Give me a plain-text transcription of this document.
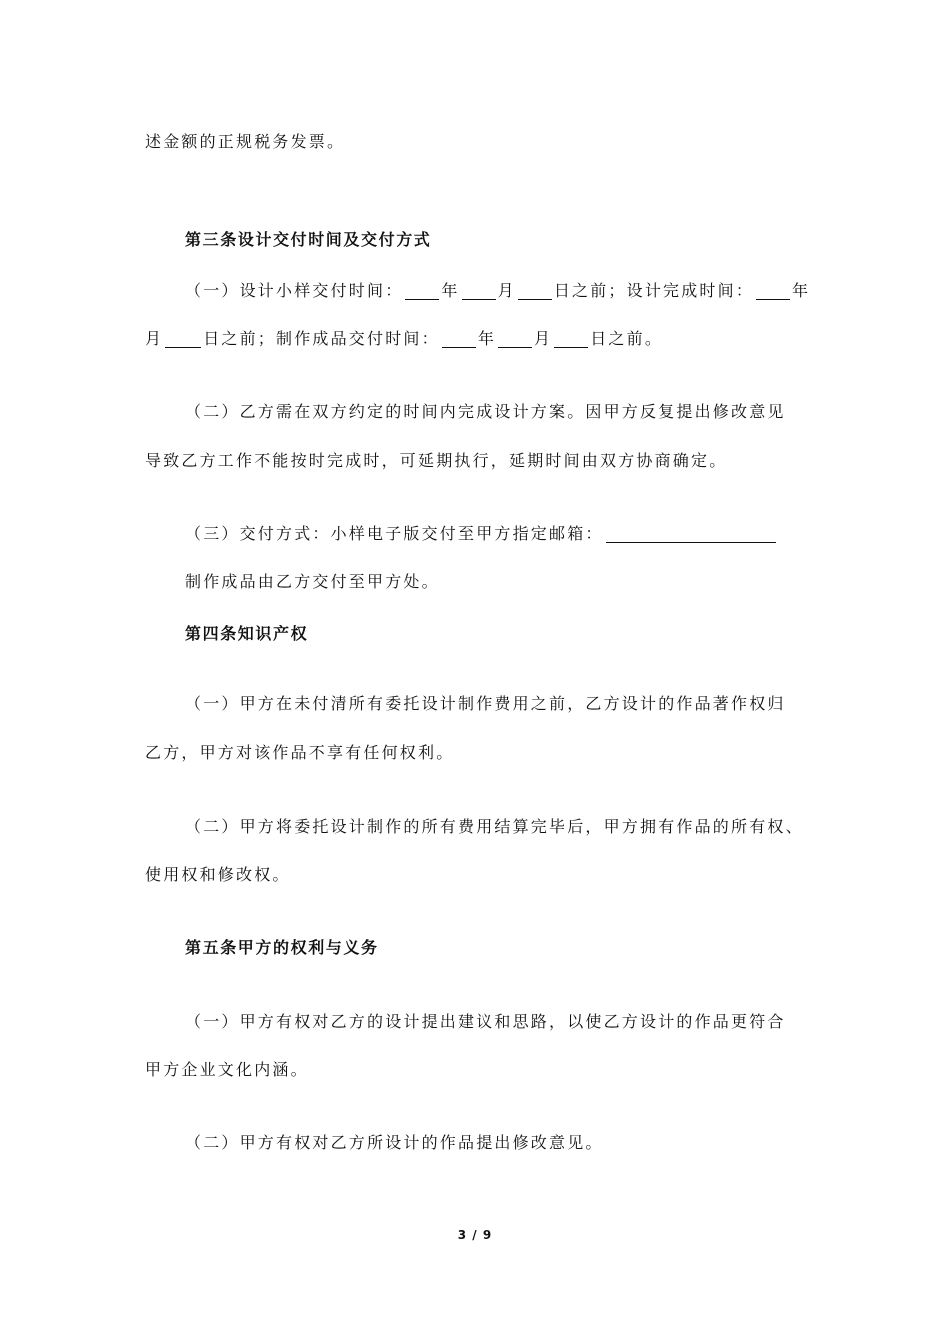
述金额的正规税务发票。
第三条设计交付时间及交付方式
（一）设计小样交付时间： 年 月 日之前；设计完成时间： 年
月	日之前；制作成品交付时间： 年 月 日之前。
（二）乙方需在双方约定的时间内完成设计方案。因甲方反复提出修改意见
导致乙方工作不能按时完成时，可延期执行，延期时间由双方协商确定。
（三）交付方式：小样电子版交付至甲方指定邮箱：
制作成品由乙方交付至甲方处。
第四条知识产权
（一）甲方在未付清所有委托设计制作费用之前，乙方设计的作品著作权归
乙方，甲方对该作品不享有任何权利。
（二）甲方将委托设计制作的所有费用结算完毕后，甲方拥有作品的所有权、
使用权和修改权。
第五条甲方的权利与义务
（一）甲方有权对乙方的设计提出建议和思路，以使乙方设计的作品更符合
甲方企业文化内涵。
（二）甲方有权对乙方所设计的作品提出修改意见。
3 / 9
